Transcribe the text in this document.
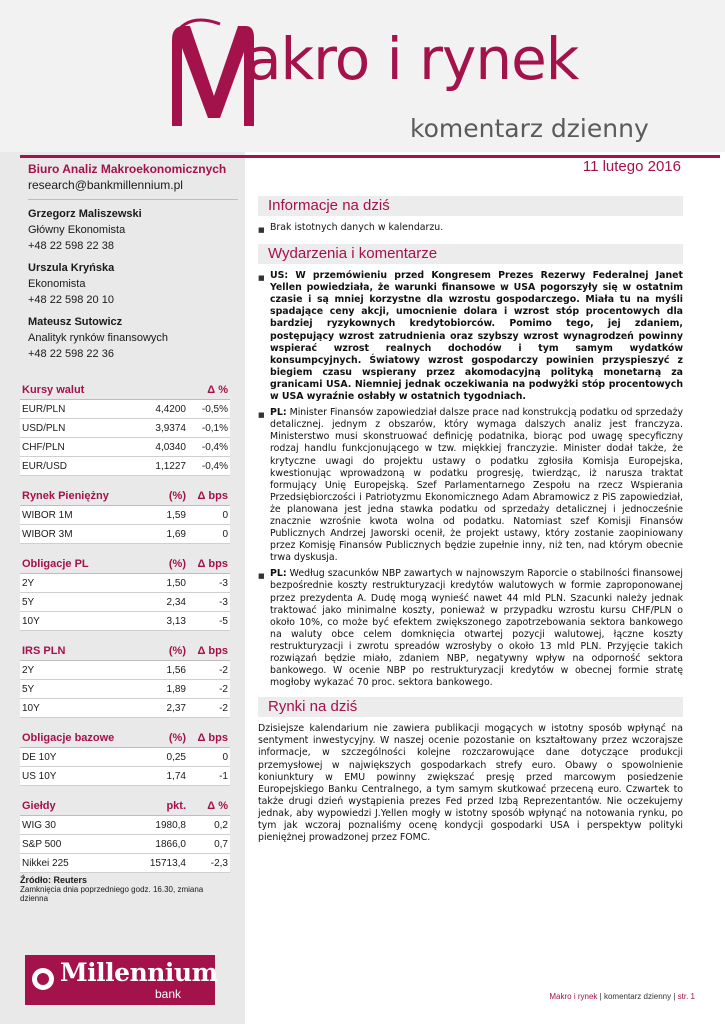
akro i rynek
komentarz dzienny
11 lutego 2016
Biuro Analiz Makroekonomicznych
research@bankmillennium.pl
Grzegorz Maliszewski
Główny Ekonomista
+48 22 598 22 38
Urszula Kryńska
Ekonomista
+48 22 598 20 10
Mateusz Sutowicz
Analityk rynków finansowych
+48 22 598 22 36
Kursy walut	Δ %
EUR/PLN	4,4200	-0,5%
USD/PLN	3,9374	-0,1%
CHF/PLN	4,0340	-0,4%
EUR/USD	1,1227	-0,4%
Rynek Pieniężny	(%)	Δ bps
WIBOR 1M	1,59	0
WIBOR 3M	1,69	0
Obligacje PL	(%)	Δ bps
2Y	1,50	-3
5Y	2,34	-3
10Y	3,13	-5
IRS PLN	(%)	Δ bps
2Y	1,56	-2
5Y	1,89	-2
10Y	2,37	-2
Obligacje bazowe	(%)	Δ bps
DE 10Y	0,25	0
US 10Y	1,74	-1
Giełdy	pkt.	Δ %
WIG 30	1980,8	0,2
S&P 500	1866,0	0,7
Nikkei 225	15713,4	-2,3
Źródło: Reuters
Zamknięcia dnia poprzedniego godz. 16.30, zmiana dzienna
Millennium
bank
Informacje na dziś
■ Brak istotnych danych w kalendarzu.
Wydarzenia i komentarze
■ US: W przemówieniu przed Kongresem Prezes Rezerwy Federalnej Janet Yellen powiedziała, że warunki finansowe w USA pogorszyły się w ostatnim czasie i są mniej korzystne dla wzrostu gospodarczego. Miała tu na myśli spadające ceny akcji, umocnienie dolara i wzrost stóp procentowych dla bardziej ryzykownych kredytobiorców. Pomimo tego, jej zdaniem, postępujący wzrost zatrudnienia oraz szybszy wzrost wynagrodzeń powinny wspierać wzrost realnych dochodów i tym samym wydatków konsumpcyjnych. Światowy wzrost gospodarczy powinien przyspieszyć z biegiem czasu wspierany przez akomodacyjną polityką monetarną za granicami USA. Niemniej jednak oczekiwania na podwyżki stóp procentowych w USA wyraźnie osłabły w ostatnich tygodniach.
■ PL: Minister Finansów zapowiedział dalsze prace nad konstrukcją podatku od sprzedaży detalicznej. jednym z obszarów, który wymaga dalszych analiz jest franczyza. Ministerstwo musi skonstruować definicję podatnika, biorąc pod uwagę specyficzny rodzaj handlu funkcjonującego w tzw. miękkiej franczyzie. Minister dodał także, że krytyczne uwagi do projektu ustawy o podatku zgłosiła Komisja Europejska, kwestionując wprowadzoną w podatku progresję, twierdząc, iż narusza traktat formujący Unię Europejską. Szef Parlamentarnego Zespołu na rzecz Wspierania Przedsiębiorczości i Patriotyzmu Ekonomicznego Adam Abramowicz z PiS zapowiedział, że planowana jest jedna stawka podatku od sprzedaży detalicznej i jednocześnie znacznie wzrośnie kwota wolna od podatku. Natomiast szef Komisji Finansów Publicznych Andrzej Jaworski ocenił, że projekt ustawy, który zostanie zaopiniowany przez Komisję Finansów Publicznych będzie zupełnie inny, niż ten, nad którym obecnie trwa dyskusja.
■ PL: Według szacunków NBP zawartych w najnowszym Raporcie o stabilności finansowej bezpośrednie koszty restrukturyzacji kredytów walutowych w formie zaproponowanej przez prezydenta A. Dudę mogą wynieść nawet 44 mld PLN. Szacunki należy jednak traktować jako minimalne koszty, ponieważ w przypadku wzrostu kursu CHF/PLN o około 10%, co może być efektem zwiększonego zapotrzebowania sektora bankowego na waluty obce celem domknięcia otwartej pozycji walutowej, łączne koszty restrukturyzacji i zwrotu spreadów wzrosłyby o około 13 mld PLN. Przyjęcie takich rozwiązań będzie miało, zdaniem NBP, negatywny wpływ na odporność sektora bankowego. W ocenie NBP po restrukturyzacji kredytów w obecnej formie stratę mogłoby wykazać 70 proc. sektora bankowego.
Rynki na dziś
Dzisiejsze kalendarium nie zawiera publikacji mogących w istotny sposób wpłynąć na sentyment inwestycyjny. W naszej ocenie pozostanie on kształtowany przez wczorajsze informacje, w szczególności kolejne rozczarowujące dane dotyczące produkcji przemysłowej w największych gospodarkach strefy euro. Obawy o spowolnienie koniunktury w EMU powinny zwiększać presję przed marcowym posiedzenie Europejskiego Banku Centralnego, a tym samym skutkować przeceną euro. Czwartek to także drugi dzień wystąpienia prezes Fed przed Izbą Reprezentantów. Nie oczekujemy jednak, aby wypowiedzi J.Yellen mogły w istotny sposób wpłynąć na notowania rynku, po tym jak wczoraj poznaliśmy ocenę kondycji gospodarki USA i perspektyw polityki pieniężnej prowadzonej przez FOMC.
Makro i rynek | komentarz dzienny | str. 1
